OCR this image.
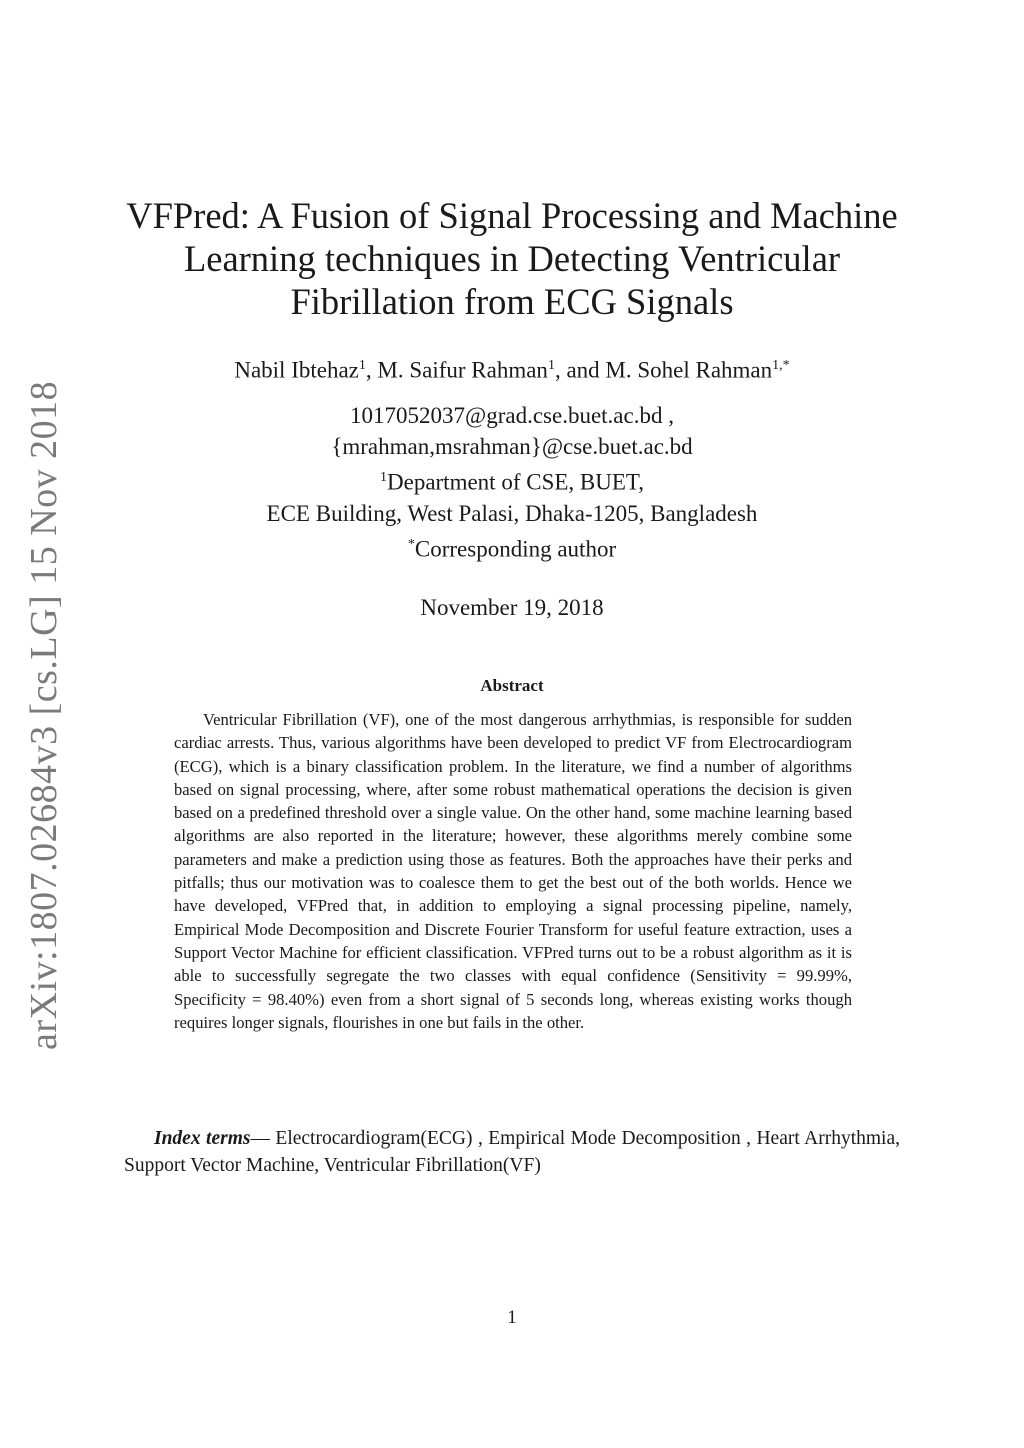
arXiv:1807.02684v3 [cs.LG] 15 Nov 2018
VFPred: A Fusion of Signal Processing and Machine
Learning techniques in Detecting Ventricular
Fibrillation from ECG Signals
Nabil Ibtehaz$^1$, M. Saifur Rahman$^1$, and M. Sohel Rahman$^{1,*}$
1017052037@grad.cse.buet.ac.bd ,
{mrahman,msrahman}@cse.buet.ac.bd
$^1$Department of CSE, BUET,
ECE Building, West Palasi, Dhaka-1205, Bangladesh
*Corresponding author
November 19, 2018
Abstract

Ventricular Fibrillation (VF), one of the most dangerous arrhythmias, is responsible for sudden cardiac arrests. Thus, various algorithms have been developed to predict VF from Electrocardiogram (ECG), which is a binary classification problem. In the literature, we find a number of algorithms based on signal processing, where, after some robust mathematical operations the decision is given based on a predefined threshold over a single value. On the other hand, some machine learning based algorithms are also reported in the literature; however, these algorithms merely combine some parameters and make a prediction using those as features. Both the approaches have their perks and pitfalls; thus our motivation was to coalesce them to get the best out of the both worlds. Hence we have developed, VFPred that, in addition to employing a signal processing pipeline, namely, Empirical Mode Decomposition and Discrete Fourier Transform for useful feature extraction, uses a Support Vector Machine for efficient classification. VFPred turns out to be a robust algorithm as it is able to successfully segregate the two classes with equal confidence (Sensitivity = 99.99%, Specificity = 98.40%) even from a short signal of 5 seconds long, whereas existing works though requires longer signals, flourishes in one but fails in the other.

Index terms— Electrocardiogram(ECG) , Empirical Mode Decomposition , Heart Arrhythmia, Support Vector Machine, Ventricular Fibrillation(VF)

1
